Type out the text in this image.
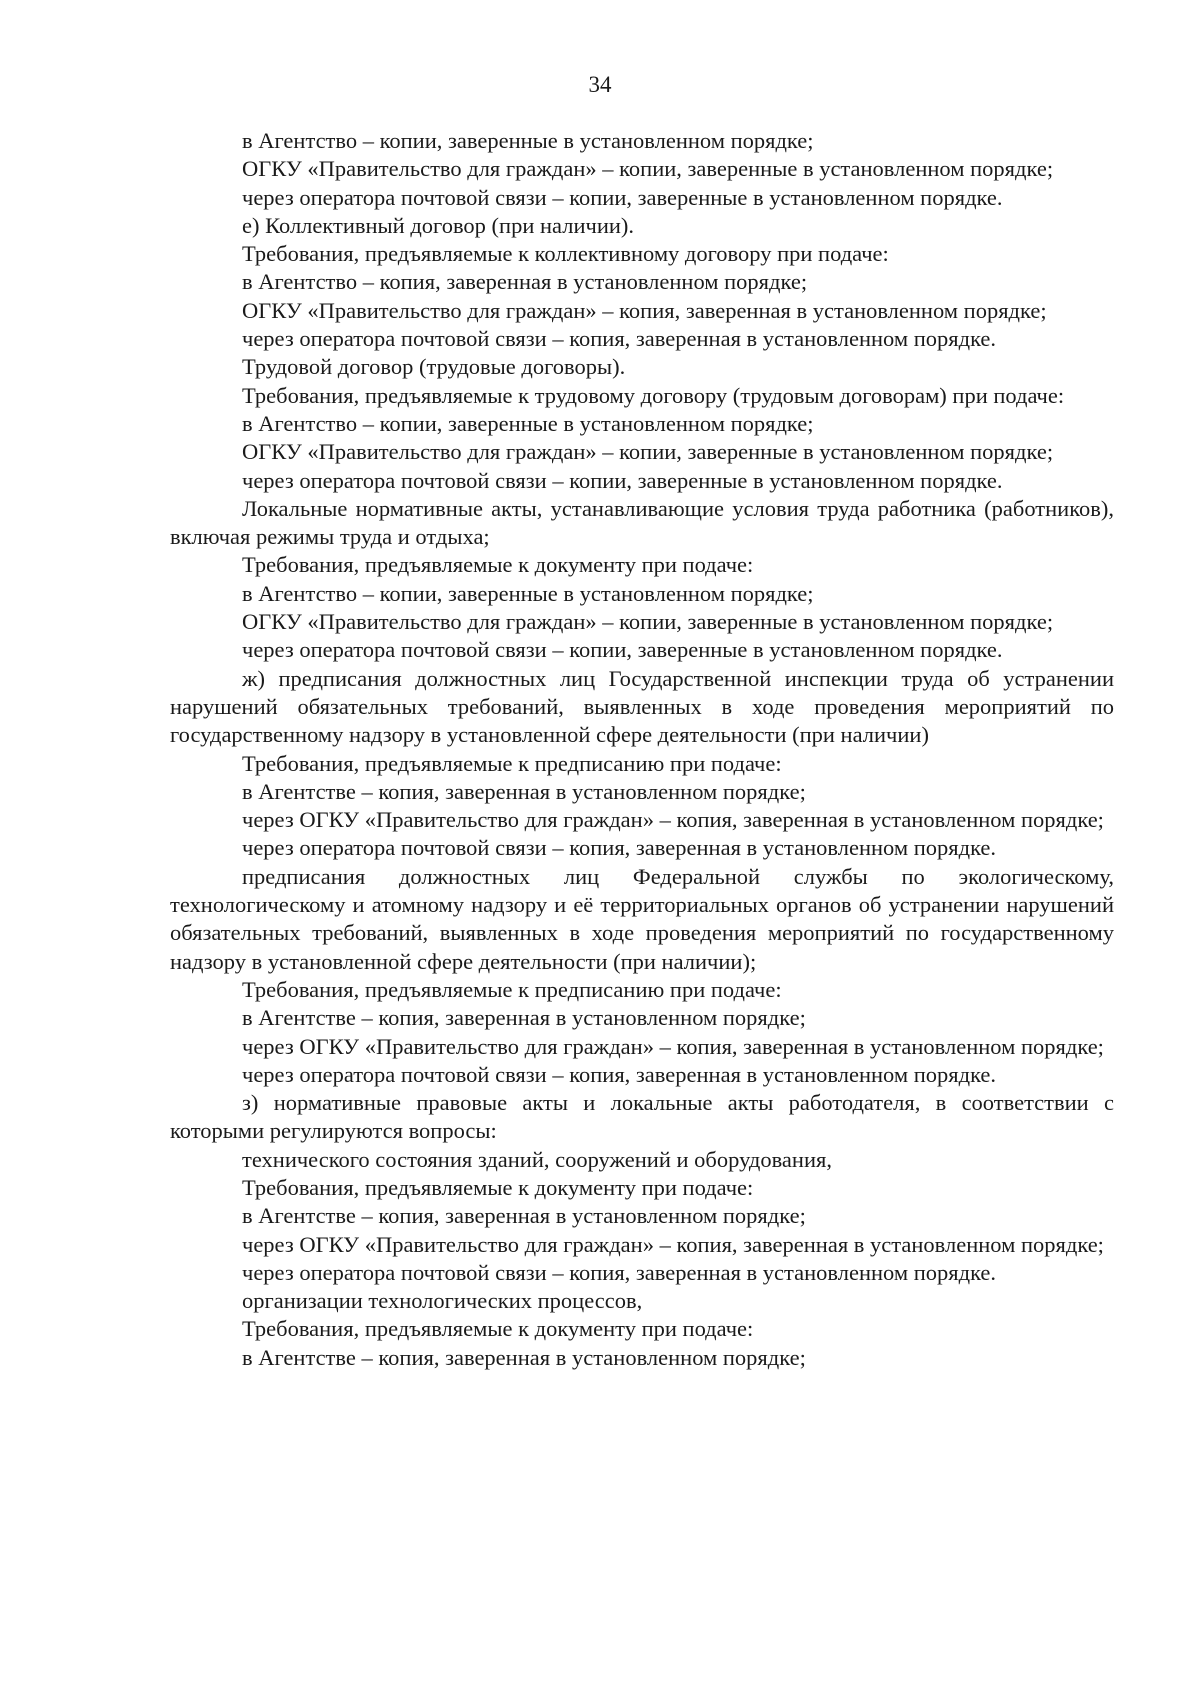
34

в Агентство – копии, заверенные в установленном порядке;

ОГКУ «Правительство для граждан» – копии, заверенные в установленном порядке;

через оператора почтовой связи – копии, заверенные в установленном порядке.

е) Коллективный договор (при наличии).

Требования, предъявляемые к коллективному договору при подаче:

в Агентство – копия, заверенная в установленном порядке;

ОГКУ «Правительство для граждан» – копия, заверенная в установленном порядке;

через оператора почтовой связи – копия, заверенная в установленном порядке.

Трудовой договор (трудовые договоры).

Требования, предъявляемые к трудовому договору (трудовым договорам) при подаче:

в Агентство – копии, заверенные в установленном порядке;

ОГКУ «Правительство для граждан» – копии, заверенные в установленном порядке;

через оператора почтовой связи – копии, заверенные в установленном порядке.

Локальные нормативные акты, устанавливающие условия труда работника (работников), включая режимы труда и отдыха;

Требования, предъявляемые к документу при подаче:

в Агентство – копии, заверенные в установленном порядке;

ОГКУ «Правительство для граждан» – копии, заверенные в установленном порядке;

через оператора почтовой связи – копии, заверенные в установленном порядке.

ж) предписания должностных лиц Государственной инспекции труда об устранении нарушений обязательных требований, выявленных в ходе проведения мероприятий по государственному надзору в установленной сфере деятельности (при наличии)

Требования, предъявляемые к предписанию при подаче:

в Агентстве – копия, заверенная в установленном порядке;

через ОГКУ «Правительство для граждан» – копия, заверенная в установленном порядке;

через оператора почтовой связи – копия, заверенная в установленном порядке.

предписания должностных лиц Федеральной службы по экологическому, технологическому и атомному надзору и её территориальных органов об устранении нарушений обязательных требований, выявленных в ходе проведения мероприятий по государственному надзору в установленной сфере деятельности (при наличии);

Требования, предъявляемые к предписанию при подаче:

в Агентстве – копия, заверенная в установленном порядке;

через ОГКУ «Правительство для граждан» – копия, заверенная в установленном порядке;

через оператора почтовой связи – копия, заверенная в установленном порядке.

з) нормативные правовые акты и локальные акты работодателя, в соответствии с которыми регулируются вопросы:

технического состояния зданий, сооружений и оборудования,

Требования, предъявляемые к документу при подаче:

в Агентстве – копия, заверенная в установленном порядке;

через ОГКУ «Правительство для граждан» – копия, заверенная в установленном порядке;

через оператора почтовой связи – копия, заверенная в установленном порядке.

организации технологических процессов,

Требования, предъявляемые к документу при подаче:

в Агентстве – копия, заверенная в установленном порядке;
